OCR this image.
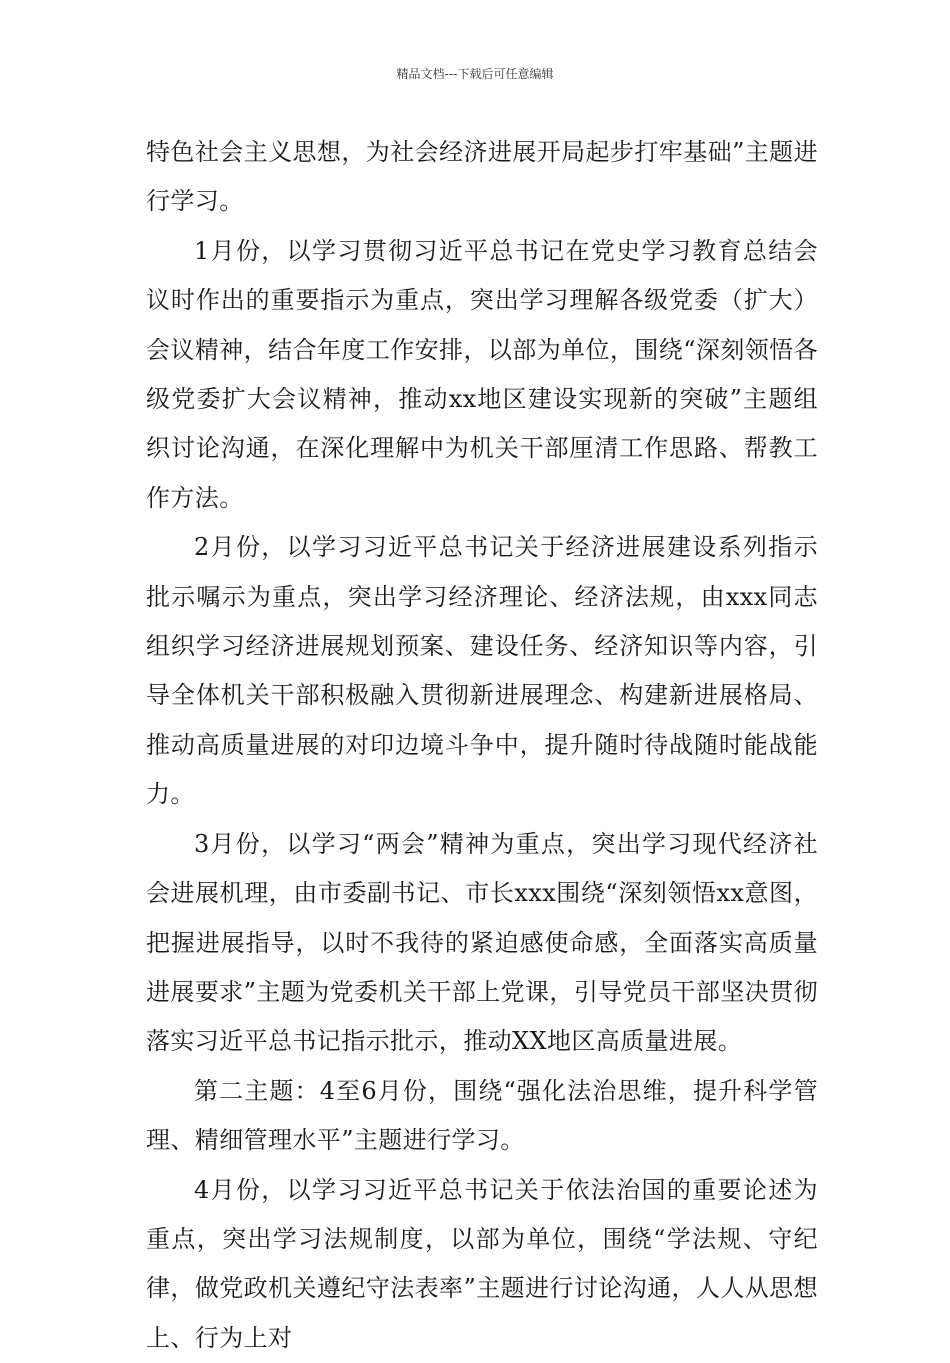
精品文档---下载后可任意编辑

特色社会主义思想，为社会经济进展开局起步打牢基础”主题进行学习。

1月份，以学习贯彻习近平总书记在党史学习教育总结会议时作出的重要指示为重点，突出学习理解各级党委（扩大）会议精神，结合年度工作安排，以部为单位，围绕“深刻领悟各级党委扩大会议精神，推动xx地区建设实现新的突破”主题组织讨论沟通，在深化理解中为机关干部厘清工作思路、帮教工作方法。

2月份，以学习习近平总书记关于经济进展建设系列指示批示嘱示为重点，突出学习经济理论、经济法规，由xxx同志组织学习经济进展规划预案、建设任务、经济知识等内容，引导全体机关干部积极融入贯彻新进展理念、构建新进展格局、推动高质量进展的对印边境斗争中，提升随时待战随时能战能力。

3月份，以学习“两会”精神为重点，突出学习现代经济社会进展机理，由市委副书记、市长xxx围绕“深刻领悟xx意图，把握进展指导，以时不我待的紧迫感使命感，全面落实高质量进展要求”主题为党委机关干部上党课，引导党员干部坚决贯彻落实习近平总书记指示批示，推动XX地区高质量进展。

第二主题：4至6月份，围绕“强化法治思维，提升科学管理、精细管理水平”主题进行学习。

4月份，以学习习近平总书记关于依法治国的重要论述为重点，突出学习法规制度，以部为单位，围绕“学法规、守纪律，做党政机关遵纪守法表率”主题进行讨论沟通，人人从思想上、行为上对
